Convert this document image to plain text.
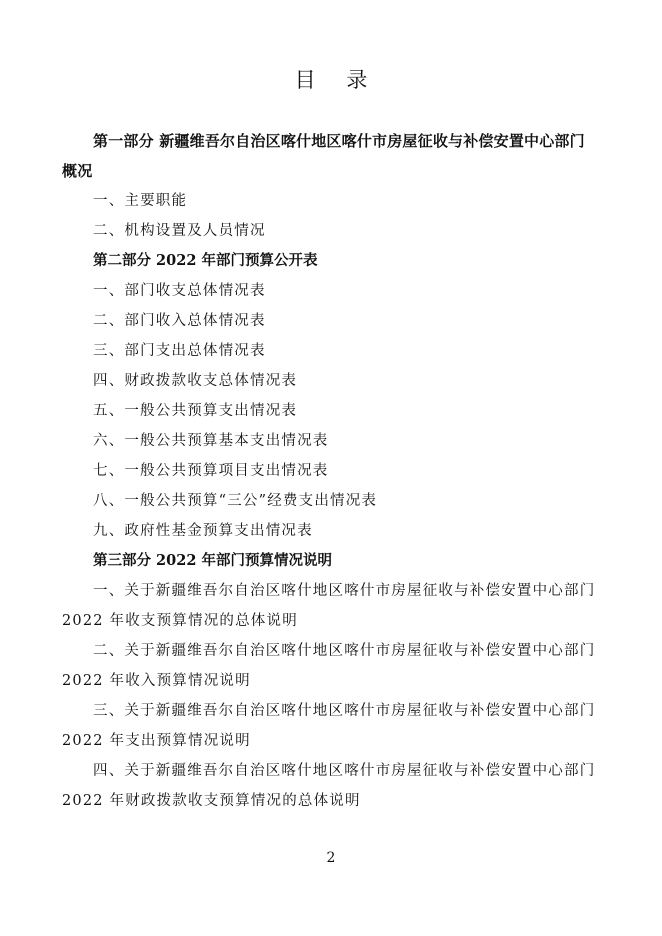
目 录
第一部分 新疆维吾尔自治区喀什地区喀什市房屋征收与补偿安置中心部门概况
一、主要职能
二、机构设置及人员情况
第二部分 2022 年部门预算公开表
一、部门收支总体情况表
二、部门收入总体情况表
三、部门支出总体情况表
四、财政拨款收支总体情况表
五、一般公共预算支出情况表
六、一般公共预算基本支出情况表
七、一般公共预算项目支出情况表
八、一般公共预算“三公”经费支出情况表
九、政府性基金预算支出情况表
第三部分 2022 年部门预算情况说明
一、关于新疆维吾尔自治区喀什地区喀什市房屋征收与补偿安置中心部门2022 年收支预算情况的总体说明
二、关于新疆维吾尔自治区喀什地区喀什市房屋征收与补偿安置中心部门2022 年收入预算情况说明
三、关于新疆维吾尔自治区喀什地区喀什市房屋征收与补偿安置中心部门2022 年支出预算情况说明
四、关于新疆维吾尔自治区喀什地区喀什市房屋征收与补偿安置中心部门2022 年财政拨款收支预算情况的总体说明
2
